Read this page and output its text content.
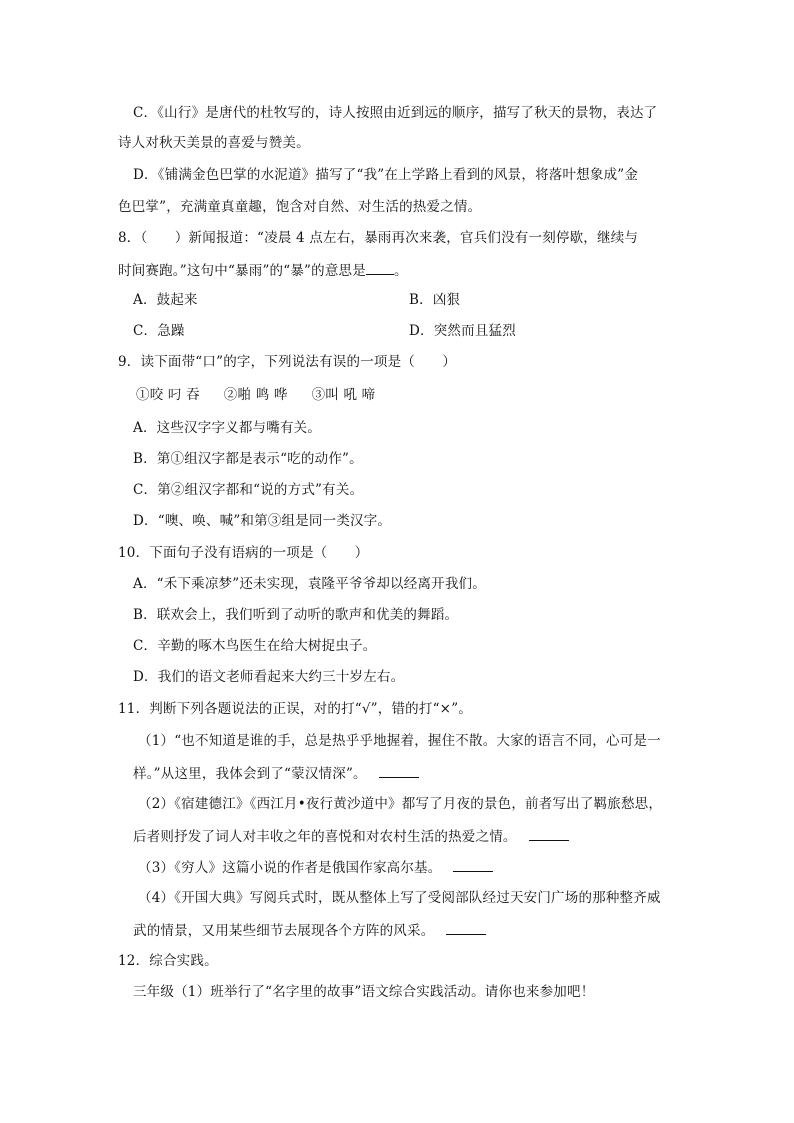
C．《山行》是唐代的杜牧写的，诗人按照由近到远的顺序，描写了秋天的景物，表达了
诗人对秋天美景的喜爱与赞美。
D．《铺满金色巴掌的水泥道》描写了“我”在上学路上看到的风景，将落叶想象成”金
色巴掌”，充满童真童趣，饱含对自然、对生活的热爱之情。
8．（　　）新闻报道：“凌晨 4 点左右，暴雨再次来袭，官兵们没有一刻停歇，继续与
时间赛跑。”这句中“暴雨”的“暴”的意思是 。
A．鼓起来	B．凶狠
C．急躁	D．突然而且猛烈
9．读下面带“口”的字，下列说法有误的一项是（　　）
①咬 叼 吞 ②啪 鸣 哗 ③叫 吼 啼
A．这些汉字字义都与嘴有关。
B．第①组汉字都是表示“吃的动作”。
C．第②组汉字都和“说的方式”有关。
D．“噢、唤、喊”和第③组是同一类汉字。
10．下面句子没有语病的一项是（　　）
A．“禾下乘凉梦”还未实现，袁隆平爷爷却以经离开我们。
B．联欢会上，我们听到了动听的歌声和优美的舞蹈。
C．辛勤的啄木鸟医生在给大树捉虫子。
D．我们的语文老师看起来大约三十岁左右。
11．判断下列各题说法的正误，对的打“√”，错的打“×”。
（1）“也不知道是谁的手，总是热乎乎地握着，握住不散。大家的语言不同，心可是一
样。”从这里，我体会到了“蒙汉情深”。
（2）《宿建德江》《西江月•夜行黄沙道中》都写了月夜的景色，前者写出了羁旅愁思，
后者则抒发了词人对丰收之年的喜悦和对农村生活的热爱之情。
（3）《穷人》这篇小说的作者是俄国作家高尔基。
（4）《开国大典》写阅兵式时，既从整体上写了受阅部队经过天安门广场的那种整齐威
武的情景，又用某些细节去展现各个方阵的风采。
12．综合实践。
三年级（1）班举行了“名字里的故事”语文综合实践活动。请你也来参加吧！
